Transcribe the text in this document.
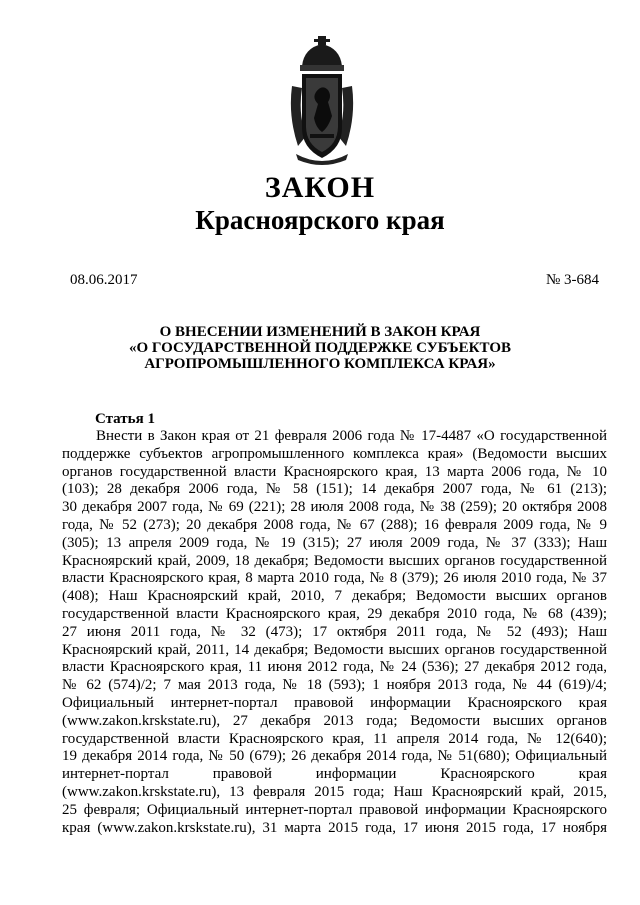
ЗАКОН
Красноярского края
08.06.2017	№ 3-684
О ВНЕСЕНИИ ИЗМЕНЕНИЙ В ЗАКОН КРАЯ
«О ГОСУДАРСТВЕННОЙ ПОДДЕРЖКЕ СУБЪЕКТОВ
АГРОПРОМЫШЛЕННОГО КОМПЛЕКСА КРАЯ»
Статья 1
Внести в Закон края от 21 февраля 2006 года № 17-4487 «О государственной
поддержке субъектов агропромышленного комплекса края» (Ведомости высших
органов государственной власти Красноярского края, 13 марта 2006 года, № 10
(103); 28 декабря 2006 года, № 58 (151); 14 декабря 2007 года, № 61 (213);
30 декабря 2007 года, № 69 (221); 28 июля 2008 года, № 38 (259); 20 октября 2008
года, № 52 (273); 20 декабря 2008 года, № 67 (288); 16 февраля 2009 года, № 9
(305); 13 апреля 2009 года, № 19 (315); 27 июля 2009 года, № 37 (333); Наш
Красноярский край, 2009, 18 декабря; Ведомости высших органов государственной
власти Красноярского края, 8 марта 2010 года, № 8 (379); 26 июля 2010 года, № 37
(408); Наш Красноярский край, 2010, 7 декабря; Ведомости высших органов
государственной власти Красноярского края, 29 декабря 2010 года, № 68 (439);
27 июня 2011 года, № 32 (473); 17 октября 2011 года, № 52 (493); Наш
Красноярский край, 2011, 14 декабря; Ведомости высших органов государственной
власти Красноярского края, 11 июня 2012 года, № 24 (536); 27 декабря 2012 года,
№ 62 (574)/2; 7 мая 2013 года, № 18 (593); 1 ноября 2013 года, № 44 (619)/4;
Официальный интернет-портал правовой информации Красноярского края
(www.zakon.krskstate.ru), 27 декабря 2013 года; Ведомости высших органов
государственной власти Красноярского края, 11 апреля 2014 года, № 12(640);
19 декабря 2014 года, № 50 (679); 26 декабря 2014 года, № 51(680); Официальный
интернет-портал правовой информации Красноярского края
(www.zakon.krskstate.ru), 13 февраля 2015 года; Наш Красноярский край, 2015,
25 февраля; Официальный интернет-портал правовой информации Красноярского
края (www.zakon.krskstate.ru), 31 марта 2015 года, 17 июня 2015 года, 17 ноября
